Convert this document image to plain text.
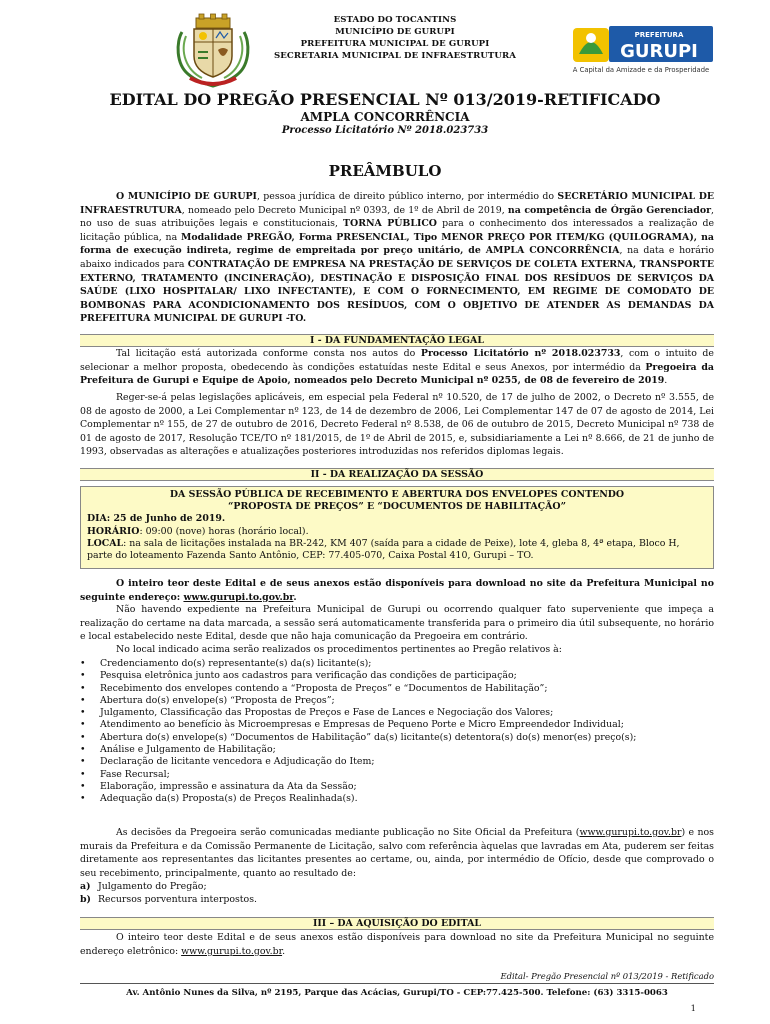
ESTADO DO TOCANTINS
MUNICÍPIO DE GURUPI
PREFEITURA MUNICIPAL DE GURUPI
SECRETARIA MUNICIPAL DE INFRAESTRUTURA
PREFEITURA
GURUPI
A Capital da Amizade e da Prosperidade
EDITAL DO PREGÃO PRESENCIAL Nº 013/2019-RETIFICADO
AMPLA CONCORRÊNCIA
Processo Licitatório Nº 2018.023733
PREÂMBULO
O MUNICÍPIO DE GURUPI, pessoa jurídica de direito público interno, por intermédio do SECRETÁRIO MUNICIPAL DE INFRAESTRUTURA, nomeado pelo Decreto Municipal nº 0393, de 1º de Abril de 2019, na competência de Órgão Gerenciador, no uso de suas atribuições legais e constitucionais, TORNA PÚBLICO para o conhecimento dos interessados a realização de licitação pública, na Modalidade PREGÃO, Forma PRESENCIAL, Tipo MENOR PREÇO POR ITEM/KG (QUILOGRAMA), na forma de execução indireta, regime de empreitada por preço unitário, de AMPLA CONCORRÊNCIA, na data e horário abaixo indicados para CONTRATAÇÃO DE EMPRESA NA PRESTAÇÃO DE SERVIÇOS DE COLETA EXTERNA, TRANSPORTE EXTERNO, TRATAMENTO (INCINERAÇÃO), DESTINAÇÃO E DISPOSIÇÃO FINAL DOS RESÍDUOS DE SERVIÇOS DA SAÚDE (LIXO HOSPITALAR/ LIXO INFECTANTE), E COM O FORNECIMENTO, EM REGIME DE COMODATO DE BOMBONAS PARA ACONDICIONAMENTO DOS RESÍDUOS, COM O OBJETIVO DE ATENDER AS DEMANDAS DA PREFEITURA MUNICIPAL DE GURUPI -TO.
I - DA FUNDAMENTAÇÃO LEGAL
Tal licitação está autorizada conforme consta nos autos do Processo Licitatório nº 2018.023733, com o intuito de selecionar a melhor proposta, obedecendo às condições estatuídas neste Edital e seus Anexos, por intermédio da Pregoeira da Prefeitura de Gurupi e Equipe de Apoio, nomeados pelo Decreto Municipal nº 0255, de 08 de fevereiro de 2019.
Reger-se-á pelas legislações aplicáveis, em especial pela Federal nº 10.520, de 17 de julho de 2002, o Decreto nº 3.555, de 08 de agosto de 2000, a Lei Complementar nº 123, de 14 de dezembro de 2006, Lei Complementar 147 de 07 de agosto de 2014, Lei Complementar nº 155, de 27 de outubro de 2016, Decreto Federal nº 8.538, de 06 de outubro de 2015, Decreto Municipal nº 738 de 01 de agosto de 2017, Resolução TCE/TO nº 181/2015, de 1º de Abril de 2015, e, subsidiariamente a Lei nº 8.666, de 21 de junho de 1993, observadas as alterações e atualizações posteriores introduzidas nos referidos diplomas legais.
II - DA REALIZAÇÃO DA SESSÃO
DA SESSÃO PÚBLICA DE RECEBIMENTO E ABERTURA DOS ENVELOPES CONTENDO
“PROPOSTA DE PREÇOS” E “DOCUMENTOS DE HABILITAÇÃO”
DIA: 25 de Junho de 2019.
HORÁRIO: 09:00 (nove) horas (horário local).
LOCAL: na sala de licitações instalada na BR-242, KM 407 (saída para a cidade de Peixe), lote 4, gleba 8, 4ª etapa, Bloco H, parte do loteamento Fazenda Santo Antônio, CEP: 77.405-070, Caixa Postal 410, Gurupi – TO.
O inteiro teor deste Edital e de seus anexos estão disponíveis para download no site da Prefeitura Municipal no seguinte endereço: www.gurupi.to.gov.br.
Não havendo expediente na Prefeitura Municipal de Gurupi ou ocorrendo qualquer fato superveniente que impeça a realização do certame na data marcada, a sessão será automaticamente transferida para o primeiro dia útil subsequente, no horário e local estabelecido neste Edital, desde que não haja comunicação da Pregoeira em contrário.
No local indicado acima serão realizados os procedimentos pertinentes ao Pregão relativos à:
• Credenciamento do(s) representante(s) da(s) licitante(s);
• Pesquisa eletrônica junto aos cadastros para verificação das condições de participação;
• Recebimento dos envelopes contendo a “Proposta de Preços” e “Documentos de Habilitação”;
• Abertura do(s) envelope(s) “Proposta de Preços”;
• Julgamento, Classificação das Propostas de Preços e Fase de Lances e Negociação dos Valores;
• Atendimento ao benefício às Microempresas e Empresas de Pequeno Porte e Micro Empreendedor Individual;
• Abertura do(s) envelope(s) “Documentos de Habilitação” da(s) licitante(s) detentora(s) do(s) menor(es) preço(s);
• Análise e Julgamento de Habilitação;
• Declaração de licitante vencedora e Adjudicação do Item;
• Fase Recursal;
• Elaboração, impressão e assinatura da Ata da Sessão;
• Adequação da(s) Proposta(s) de Preços Realinhada(s).
As decisões da Pregoeira serão comunicadas mediante publicação no Site Oficial da Prefeitura (www.gurupi.to.gov.br) e nos murais da Prefeitura e da Comissão Permanente de Licitação, salvo com referência àquelas que lavradas em Ata, puderem ser feitas diretamente aos representantes das licitantes presentes ao certame, ou, ainda, por intermédio de Ofício, desde que comprovado o seu recebimento, principalmente, quanto ao resultado de:
a) Julgamento do Pregão;
b) Recursos porventura interpostos.
III – DA AQUISIÇÃO DO EDITAL
O inteiro teor deste Edital e de seus anexos estão disponíveis para download no site da Prefeitura Municipal no seguinte endereço eletrônico: www.gurupi.to.gov.br.
Edital- Pregão Presencial nº 013/2019 - Retificado
Av. Antônio Nunes da Silva, nº 2195, Parque das Acácias, Gurupi/TO - CEP:77.425-500. Telefone: (63) 3315-0063
1
